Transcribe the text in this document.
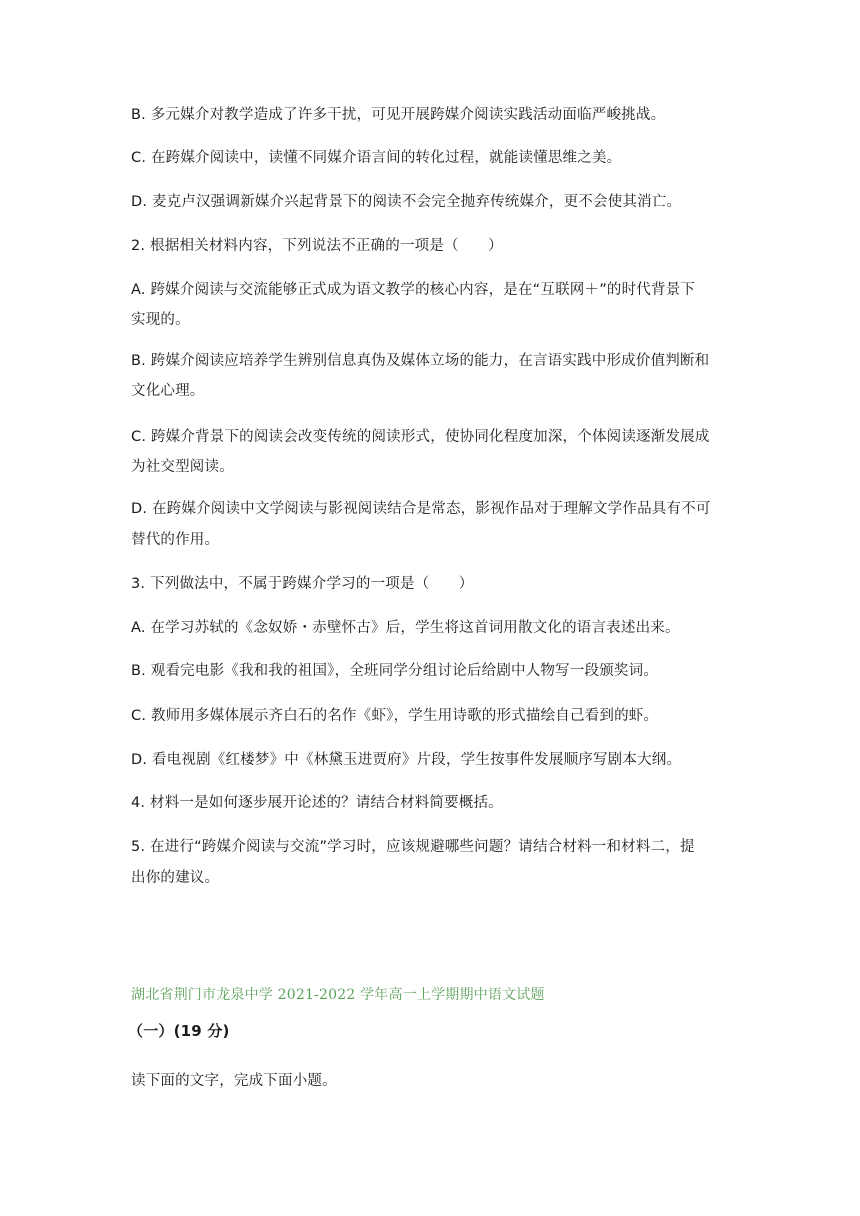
B. 多元媒介对教学造成了许多干扰，可见开展跨媒介阅读实践活动面临严峻挑战。
C. 在跨媒介阅读中，读懂不同媒介语言间的转化过程，就能读懂思维之美。
D. 麦克卢汉强调新媒介兴起背景下的阅读不会完全抛弃传统媒介，更不会使其消亡。
2. 根据相关材料内容，下列说法不正确的一项是（　　）
A. 跨媒介阅读与交流能够正式成为语文教学的核心内容，是在“互联网＋”的时代背景下
实现的。
B. 跨媒介阅读应培养学生辨别信息真伪及媒体立场的能力，在言语实践中形成价值判断和
文化心理。
C. 跨媒介背景下的阅读会改变传统的阅读形式，使协同化程度加深，个体阅读逐渐发展成
为社交型阅读。
D. 在跨媒介阅读中文学阅读与影视阅读结合是常态，影视作品对于理解文学作品具有不可
替代的作用。
3. 下列做法中，不属于跨媒介学习的一项是（　　）
A. 在学习苏轼的《念奴娇・赤壁怀古》后，学生将这首词用散文化的语言表述出来。
B. 观看完电影《我和我的祖国》，全班同学分组讨论后给剧中人物写一段颁奖词。
C. 教师用多媒体展示齐白石的名作《虾》，学生用诗歌的形式描绘自己看到的虾。
D. 看电视剧《红楼梦》中《林黛玉进贾府》片段，学生按事件发展顺序写剧本大纲。
4. 材料一是如何逐步展开论述的？请结合材料简要概括。
5. 在进行“跨媒介阅读与交流”学习时，应该规避哪些问题？请结合材料一和材料二，提
出你的建议。
湖北省荆门市龙泉中学 2021-2022 学年高一上学期期中语文试题
（一）(19 分)
读下面的文字，完成下面小题。
